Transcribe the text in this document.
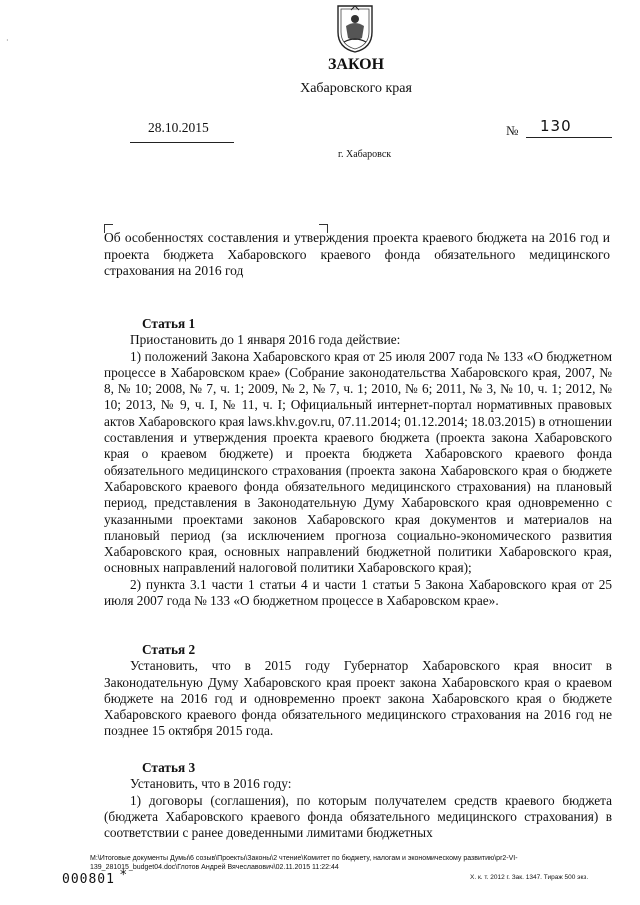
·
ЗАКОН
Хабаровского края
28.10.2015	№ 130
г. Хабаровск
Об особенностях составления и утверждения проекта краевого бюджета на 2016 год и проекта бюджета Хабаровского краевого фонда обязательного медицинского страхования на 2016 год

Статья 1

Приостановить до 1 января 2016 года действие:

1) положений Закона Хабаровского края от 25 июля 2007 года № 133 «О бюджетном процессе в Хабаровском крае» (Собрание законодательства Хабаровского края, 2007, № 8, № 10; 2008, № 7, ч. 1; 2009, № 2, № 7, ч. 1; 2010, № 6; 2011, № 3, № 10, ч. 1; 2012, № 10; 2013, № 9, ч. I, № 11, ч. I; Официальный интернет-портал нормативных правовых актов Хабаровского края laws.khv.gov.ru, 07.11.2014; 01.12.2014; 18.03.2015) в отношении составления и утверждения проекта краевого бюджета (проекта закона Хабаровского края о краевом бюджете) и проекта бюджета Хабаровского краевого фонда обязательного медицинского страхования (проекта закона Хабаровского края о бюджете Хабаровского краевого фонда обязательного медицинского страхования) на плановый период, представления в Законодательную Думу Хабаровского края одновременно с указанными проектами законов Хабаровского края документов и материалов на плановый период (за исключением прогноза социально-экономического развития Хабаровского края, основных направлений бюджетной политики Хабаровского края, основных направлений налоговой политики Хабаровского края);

2) пункта 3.1 части 1 статьи 4 и части 1 статьи 5 Закона Хабаровского края от 25 июля 2007 года № 133 «О бюджетном процессе в Хабаровском крае».

Статья 2

Установить, что в 2015 году Губернатор Хабаровского края вносит в Законодательную Думу Хабаровского края проект закона Хабаровского края о краевом бюджете на 2016 год и одновременно проект закона Хабаровского края о бюджете Хабаровского краевого фонда обязательного медицинского страхования на 2016 год не позднее 15 октября 2015 года.

Статья 3

Установить, что в 2016 году:

1) договоры (соглашения), по которым получателем средств краевого бюджета (бюджета Хабаровского краевого фонда обязательного медицинского страхования) в соответствии с ранее доведенными лимитами бюджетных

M:\Итоговые документы Думы\6 созыв\Проекты\Законы\2 чтение\Комитет по бюджету, налогам и экономическому развитию\pr2-VI-139_281015_budget04.doc\Глотов Андрей Вячеславович\02.11.2015 11:22:44
Х. к. т. 2012 г. Зак. 1347. Тираж 500 экз.
000801 *
